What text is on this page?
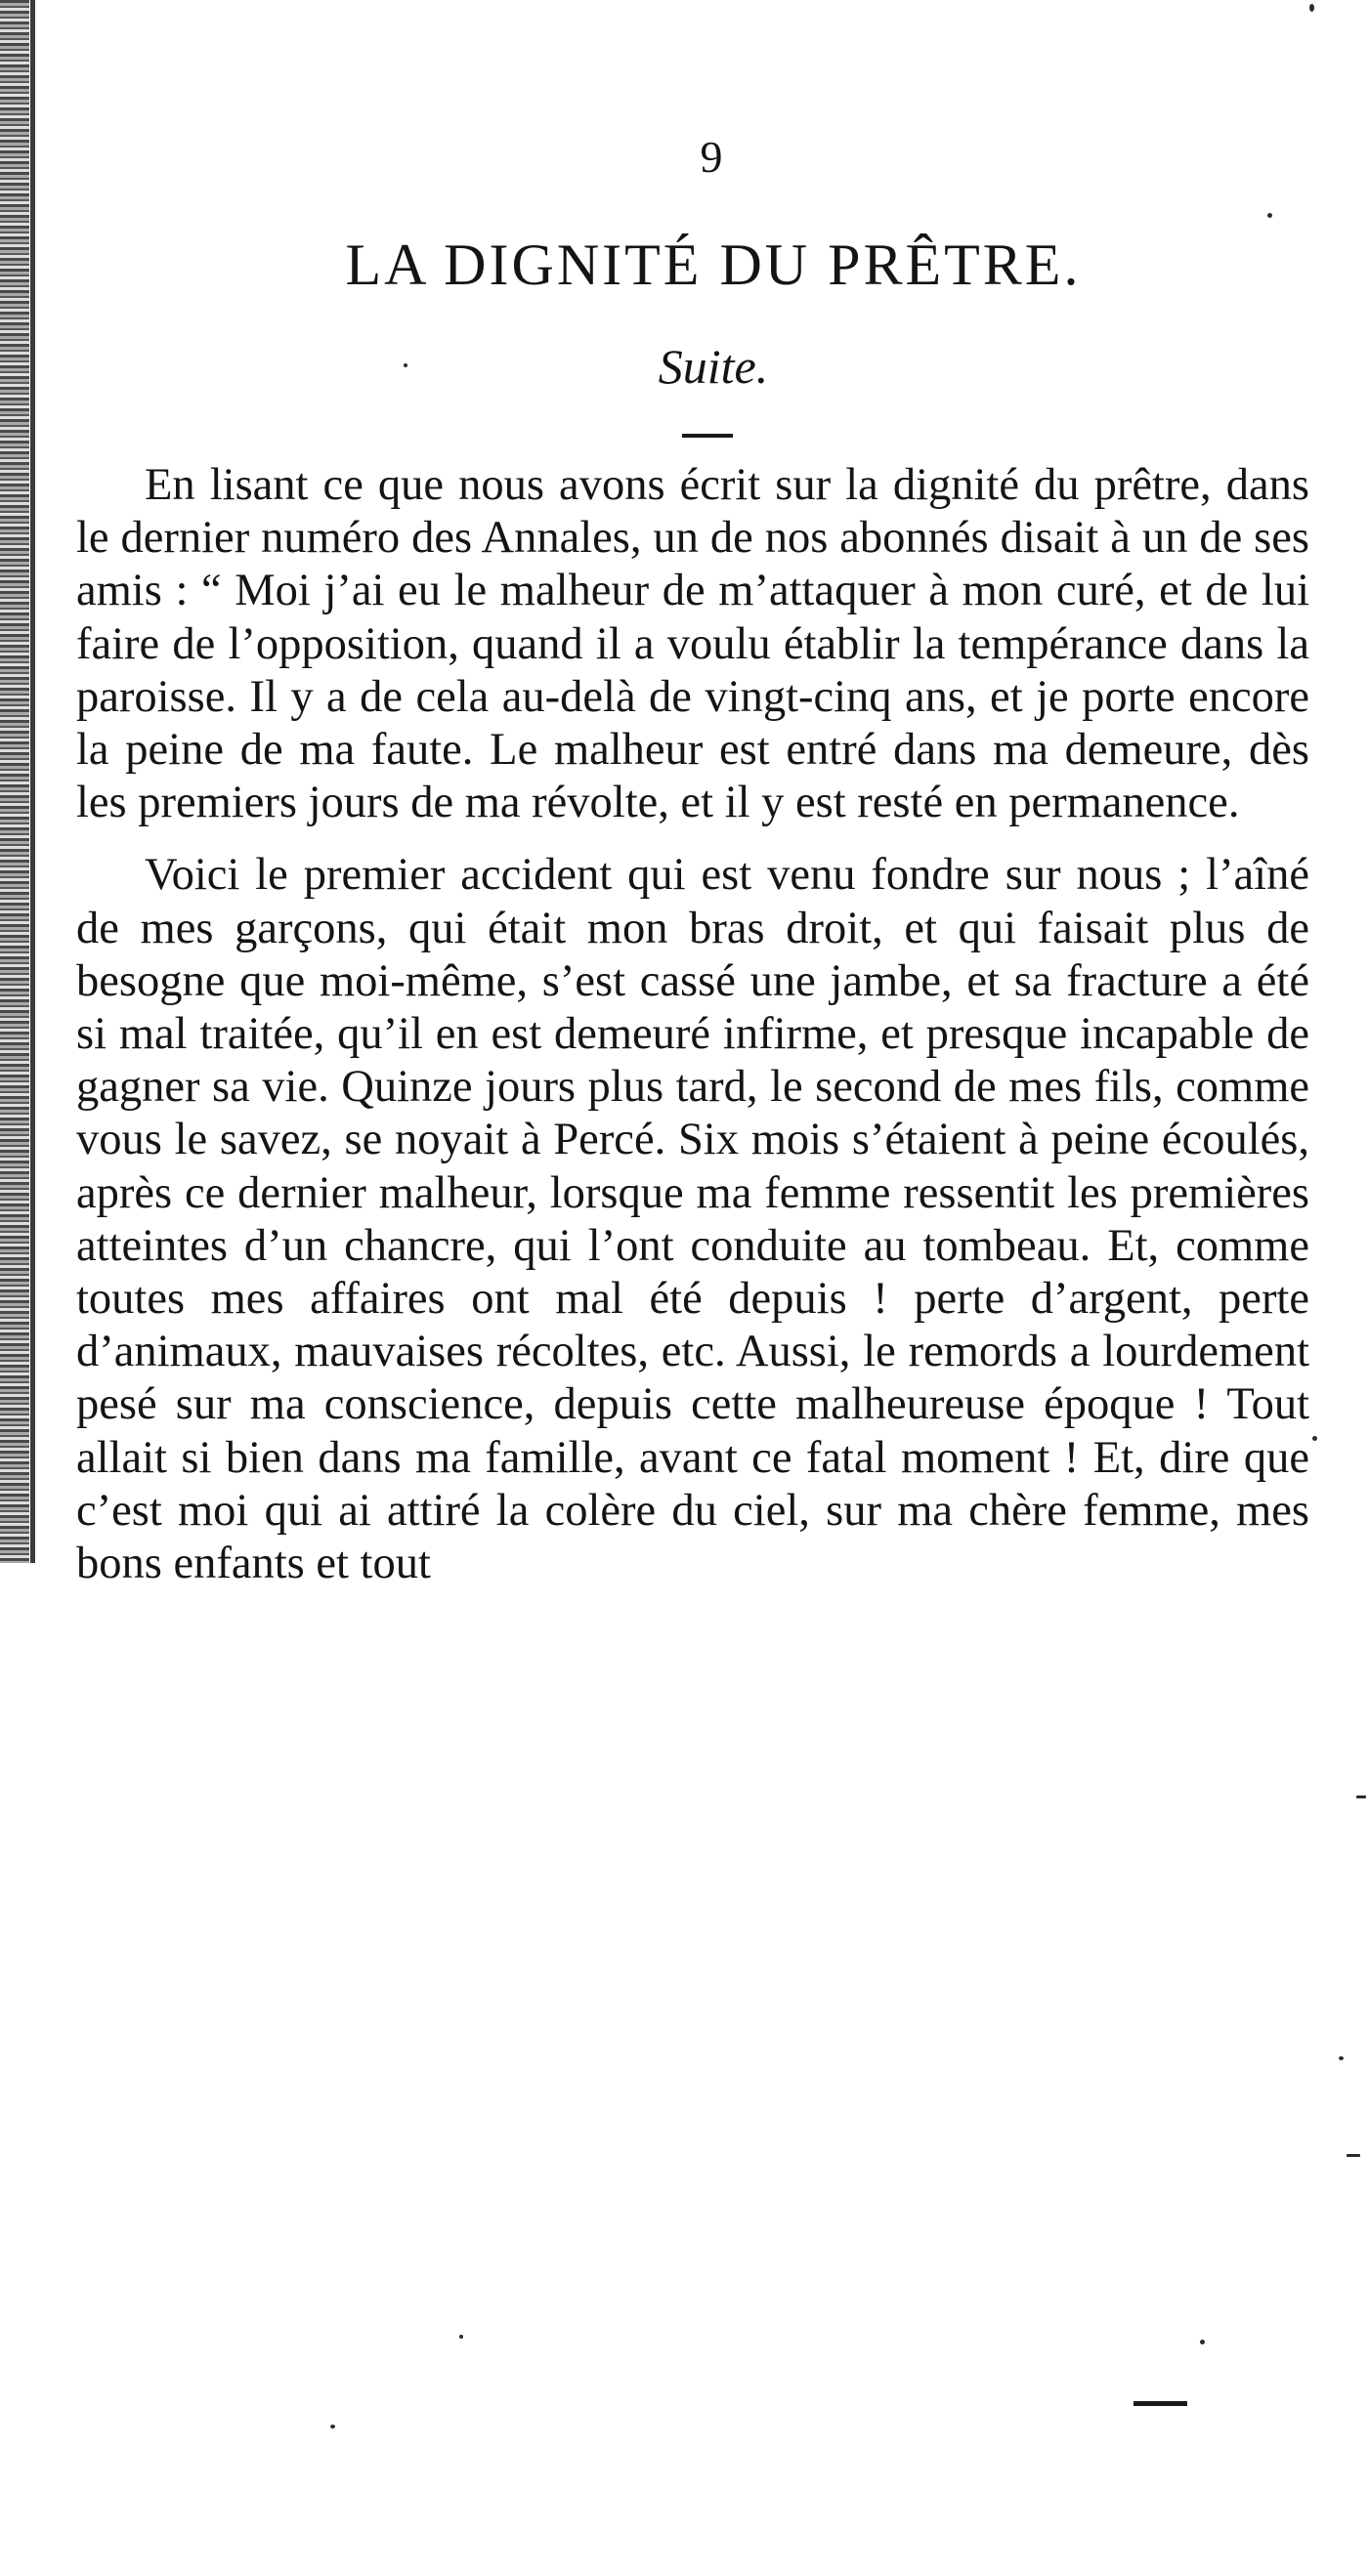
9
LA DIGNITÉ DU PRÊTRE.
Suite.

En lisant ce que nous avons écrit sur la dignité du prêtre, dans le dernier numéro des Annales, un de nos abonnés disait à un de ses amis : “ Moi j’ai eu le malheur de m’attaquer à mon curé, et de lui faire de l’opposition, quand il a voulu établir la tempérance dans la paroisse. Il y a de cela au-delà de vingt-cinq ans, et je porte encore la peine de ma faute. Le malheur est entré dans ma demeure, dès les premiers jours de ma révolte, et il y est resté en permanence.

Voici le premier accident qui est venu fondre sur nous ; l’aîné de mes garçons, qui était mon bras droit, et qui faisait plus de besogne que moi-même, s’est cassé une jambe, et sa fracture a été si mal traitée, qu’il en est demeuré infirme, et presque incapable de gagner sa vie. Quinze jours plus tard, le second de mes fils, comme vous le savez, se noyait à Percé. Six mois s’étaient à peine écoulés, après ce dernier malheur, lorsque ma femme ressentit les premières atteintes d’un chancre, qui l’ont conduite au tombeau. Et, comme toutes mes affaires ont mal été depuis ! perte d’argent, perte d’animaux, mauvaises récoltes, etc. Aussi, le remords a lourdement pesé sur ma conscience, depuis cette malheureuse époque ! Tout allait si bien dans ma famille, avant ce fatal moment ! Et, dire que c’est moi qui ai attiré la colère du ciel, sur ma chère femme, mes bons enfants et tout
